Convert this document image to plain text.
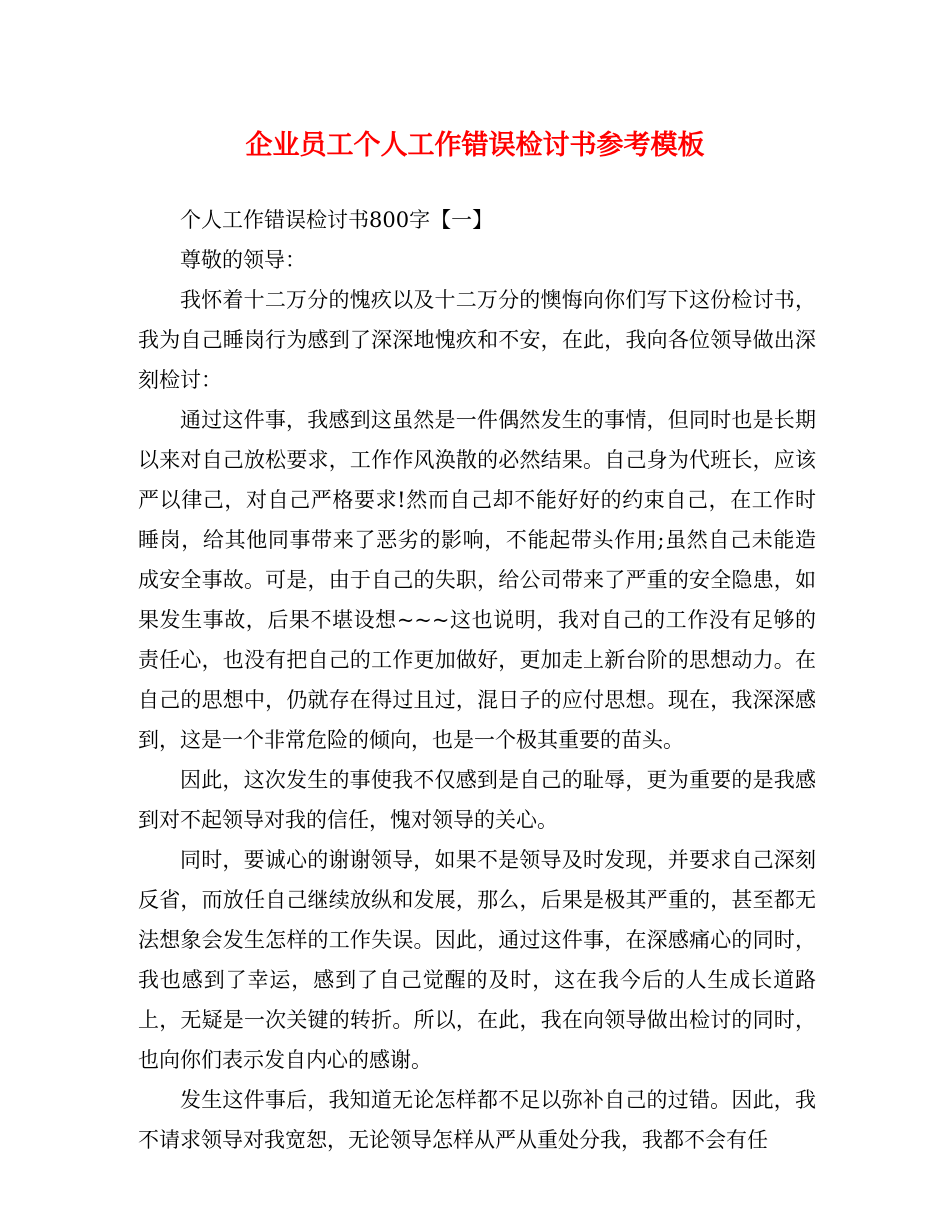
企业员工个人工作错误检讨书参考模板

个人工作错误检讨书800字【一】

尊敬的领导：

我怀着十二万分的愧疚以及十二万分的懊悔向你们写下这份检讨书，我为自己睡岗行为感到了深深地愧疚和不安，在此，我向各位领导做出深刻检讨：

通过这件事，我感到这虽然是一件偶然发生的事情，但同时也是长期以来对自己放松要求，工作作风涣散的必然结果。自己身为代班长，应该严以律己，对自己严格要求!然而自己却不能好好的约束自己，在工作时睡岗，给其他同事带来了恶劣的影响，不能起带头作用;虽然自己未能造成安全事故。可是，由于自己的失职，给公司带来了严重的安全隐患，如果发生事故，后果不堪设想~~~这也说明，我对自己的工作没有足够的责任心，也没有把自己的工作更加做好，更加走上新台阶的思想动力。在自己的思想中，仍就存在得过且过，混日子的应付思想。现在，我深深感到，这是一个非常危险的倾向，也是一个极其重要的苗头。

因此，这次发生的事使我不仅感到是自己的耻辱，更为重要的是我感到对不起领导对我的信任，愧对领导的关心。

同时，要诚心的谢谢领导，如果不是领导及时发现，并要求自己深刻反省，而放任自己继续放纵和发展，那么，后果是极其严重的，甚至都无法想象会发生怎样的工作失误。因此，通过这件事，在深感痛心的同时，我也感到了幸运，感到了自己觉醒的及时，这在我今后的人生成长道路上，无疑是一次关键的转折。所以，在此，我在向领导做出检讨的同时，也向你们表示发自内心的感谢。

发生这件事后，我知道无论怎样都不足以弥补自己的过错。因此，我不请求领导对我宽恕，无论领导怎样从严从重处分我，我都不会有任
